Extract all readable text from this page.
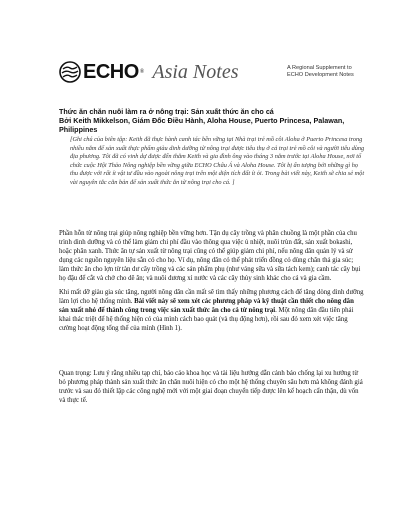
ECHO ® Asia Notes	A Regional Supplement to
ECHO Development Notes
Thức ăn chăn nuôi làm ra ở nông trại: Sản xuất thức ăn cho cá
Bởi Keith Mikkelson, Giám Đốc Điều Hành, Aloha House, Puerto Princesa, Palawan, Philippines
[Ghi chú của biên tập: Keith đã thực hành canh tác bền vững tại Nhà trại trẻ mồ côi Aloha ở Puerto Princesa trong nhiều năm để sản xuất thực phẩm giàu dinh dưỡng từ nông trại được tiêu thụ ở cả trại trẻ mồ côi và người tiêu dùng địa phương. Tôi đã có vinh dự được đến thăm Keith và gia đình ông vào tháng 3 năm trước tại Aloha House, nơi tổ chức cuộc Hội Thảo Nông nghiệp bền vững giữa ECHO Châu Á và Aloha House. Tôi bị ấn tượng bởi những gì họ thu được với rất ít vật tư đầu vào ngoài nông trại trên một diện tích đất ít ỏi. Trong bài viết này, Keith sẽ chia sẻ một vài nguyên tắc căn bản để sản xuất thức ăn từ nông trại cho cá. ]
Phần hỗn từ nông trại giúp nông nghiệp bền vững hơn. Tận dụ cây trồng và phân chuồng là một phần của chu trình dinh dưỡng và có thể làm giảm chi phí đầu vào thông qua việc ủ nhiệt, nuôi trùn đất, sản xuất bokashi, hoặc phân xanh. Thức ăn tự sản xuất từ nông trại cũng có thể giúp giảm chi phí, nếu nông dân quản lý và sử dụng các nguồn nguyên liệu sẵn có cho họ. Ví dụ, nông dân có thể phát triển đồng cỏ dùng chăn thả gia súc; làm thức ăn cho lợn từ tàn dư cây trồng và các sản phẩm phụ (như váng sữa và sữa tách kem); canh tác cây bụi họ đậu để cắt và chở cho dê ăn; và nuôi dương xỉ nước và các cây thủy sinh khác cho cá và gia cầm.
Khi mất dỡ giàu gia súc tăng, người nông dân cần mất sẽ tìm thấy những phương cách để tăng dòng dinh dưỡng làm lợi cho hệ thống mình. Bài viết này sẽ xem xét các phương pháp và kỹ thuật cần thiết cho nông dân sản xuất nhỏ để thành công trong việc sản xuất thức ăn cho cá từ nông trại. Một nông dân đầu tiên phải khai thác triệt để hệ thống hiện có của mình cách bao quát (và thụ động hơn), rồi sau đó xem xét việc tăng cường hoạt động tổng thể của mình (Hình 1).
Quan trọng: Lưu ý rằng nhiều tạp chí, báo cáo khoa học và tài liệu hướng dẫn cảnh báo chống lại xu hướng từ bỏ phương pháp thành sản xuất thức ăn chăn nuôi hiện có cho một hệ thống chuyên sâu hơn mà không đánh giá trước và sau đó thiết lập các công nghệ mới với một giai đoạn chuyển tiếp được lên kế hoạch cẩn thận, dù vốn và thực tế.
